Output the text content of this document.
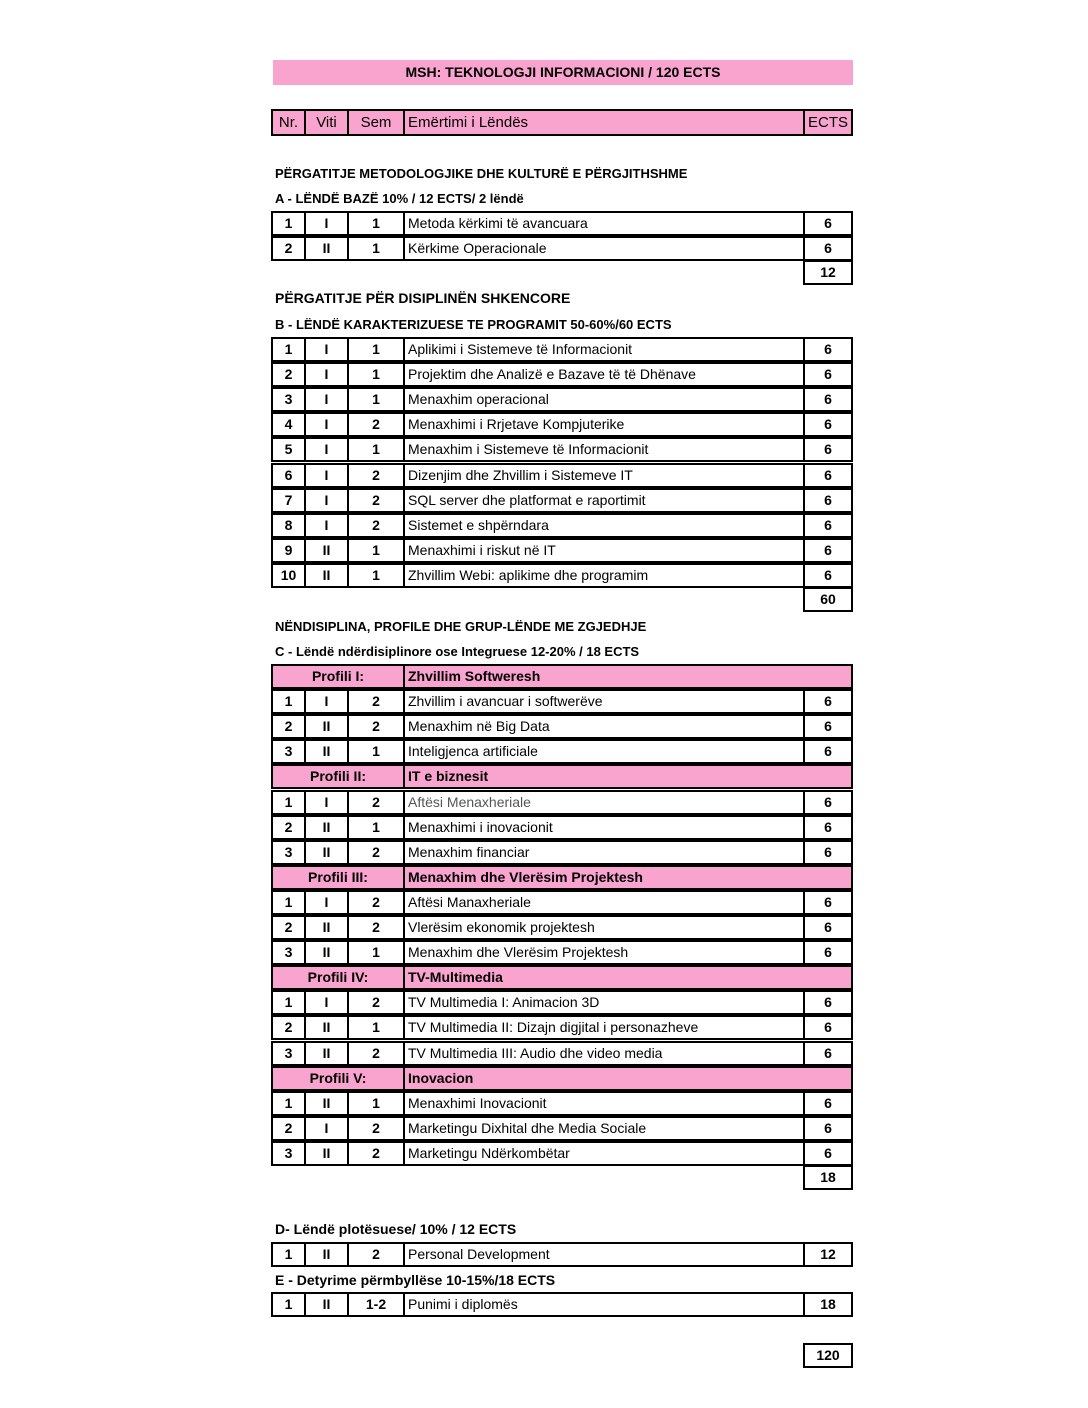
MSH: TEKNOLOGJI INFORMACIONI / 120 ECTS
Nr.	Viti	Sem	Emërtimi i Lëndës	ECTS
PËRGATITJE METODOLOGJIKE DHE KULTURË E PËRGJITHSHME
A - LËNDË BAZË 10% / 12 ECTS/ 2 lëndë
1	I	1	Metoda kërkimi të avancuara	6
2	II	1	Kërkime Operacionale	6
12
PËRGATITJE PËR DISIPLINËN SHKENCORE
B - LËNDË KARAKTERIZUESE TE PROGRAMIT 50-60%/60 ECTS
1	I	1	Aplikimi i Sistemeve të Informacionit	6
2	I	1	Projektim dhe Analizë e Bazave të të Dhënave	6
3	I	1	Menaxhim operacional	6
4	I	2	Menaxhimi i Rrjetave Kompjuterike	6
5	I	1	Menaxhim i Sistemeve të Informacionit	6
6	I	2	Dizenjim dhe Zhvillim i Sistemeve IT	6
7	I	2	SQL server dhe platformat e raportimit	6
8	I	2	Sistemet e shpërndara	6
9	II	1	Menaxhimi i riskut në IT	6
10	II	1	Zhvillim Webi: aplikime dhe programim	6
60
NËNDISIPLINA, PROFILE DHE GRUP-LËNDE ME ZGJEDHJE
C - Lëndë ndërdisiplinore ose Integruese 12-20% / 18 ECTS
Profili I:	Zhvillim Softweresh
1	I	2	Zhvillim i avancuar i softwerëve	6
2	II	2	Menaxhim në Big Data	6
3	II	1	Inteligjenca artificiale	6
Profili II:	IT e biznesit
1	I	2	Aftësi Menaxheriale	6
2	II	1	Menaxhimi i inovacionit	6
3	II	2	Menaxhim financiar	6
Profili III:	Menaxhim dhe Vlerësim Projektesh
1	I	2	Aftësi Manaxheriale	6
2	II	2	Vlerësim ekonomik projektesh	6
3	II	1	Menaxhim dhe Vlerësim Projektesh	6
Profili IV:	TV-Multimedia
1	I	2	TV Multimedia I: Animacion 3D	6
2	II	1	TV Multimedia II: Dizajn digjital i personazheve	6
3	II	2	TV Multimedia III: Audio dhe video media	6
Profili V:	Inovacion
1	II	1	Menaxhimi Inovacionit	6
2	I	2	Marketingu Dixhital dhe Media Sociale	6
3	II	2	Marketingu Ndërkombëtar	6
18
D- Lëndë plotësuese/ 10% / 12 ECTS
1	II	2	Personal Development	12
E - Detyrime përmbyllëse 10-15%/18 ECTS
1	II	1-2	Punimi i diplomës	18
120
